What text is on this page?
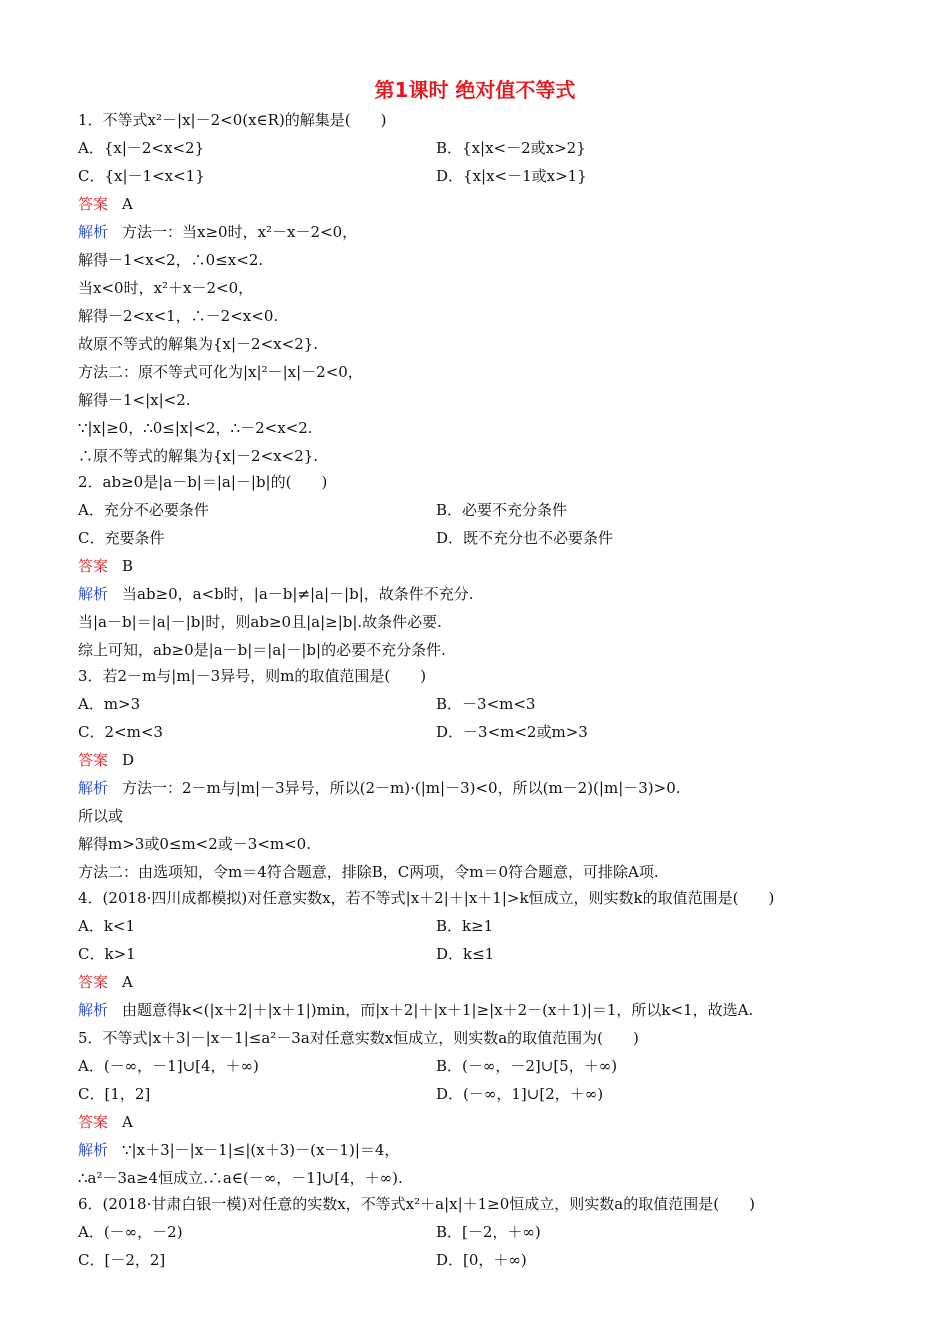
第1课时 绝对值不等式
1．不等式x²－|x|－2<0(x∈R)的解集是(　　)
A．{x|－2<x<2}	B．{x|x<－2或x>2}
C．{x|－1<x<1}	D．{x|x<－1或x>1}
答案 A
解析 方法一：当x≥0时，x²－x－2<0，
解得－1<x<2，∴0≤x<2.
当x<0时，x²＋x－2<0，
解得－2<x<1，∴－2<x<0.
故原不等式的解集为{x|－2<x<2}.
方法二：原不等式可化为|x|²－|x|－2<0，
解得－1<|x|<2.
∵|x|≥0，∴0≤|x|<2，∴－2<x<2.
∴原不等式的解集为{x|－2<x<2}.
2．ab≥0是|a－b|＝|a|－|b|的(　　)
A．充分不必要条件	B．必要不充分条件
C．充要条件	D．既不充分也不必要条件
答案 B
解析 当ab≥0，a<b时，|a－b|≠|a|－|b|，故条件不充分.
当|a－b|＝|a|－|b|时，则ab≥0且|a|≥|b|.故条件必要.
综上可知，ab≥0是|a－b|＝|a|－|b|的必要不充分条件.
3．若2－m与|m|－3异号，则m的取值范围是(　　)
A．m>3	B．－3<m<3
C．2<m<3	D．－3<m<2或m>3
答案 D
解析 方法一：2－m与|m|－3异号，所以(2－m)·(|m|－3)<0，所以(m－2)(|m|－3)>0.
所以或
解得m>3或0≤m<2或－3<m<0.
方法二：由选项知，令m＝4符合题意，排除B，C两项，令m＝0符合题意，可排除A项.
4．(2018·四川成都模拟)对任意实数x，若不等式|x＋2|＋|x＋1|>k恒成立，则实数k的取值范围是(　　)
A．k<1	B．k≥1
C．k>1	D．k≤1
答案 A
解析 由题意得k<(|x＋2|＋|x＋1|)min，而|x＋2|＋|x＋1|≥|x＋2－(x＋1)|＝1，所以k<1，故选A.
5．不等式|x＋3|－|x－1|≤a²－3a对任意实数x恒成立，则实数a的取值范围为(　　)
A．(－∞，－1]∪[4，＋∞)	B．(－∞，－2]∪[5，＋∞)
C．[1，2]	D．(－∞，1]∪[2，＋∞)
答案 A
解析 ∵|x＋3|－|x－1|≤|(x＋3)－(x－1)|＝4，
∴a²－3a≥4恒成立.∴a∈(－∞，－1]∪[4，＋∞).
6．(2018·甘肃白银一模)对任意的实数x，不等式x²＋a|x|＋1≥0恒成立，则实数a的取值范围是(　　)
A．(－∞，－2)	B．[－2，＋∞)
C．[－2，2]	D．[0，＋∞)
